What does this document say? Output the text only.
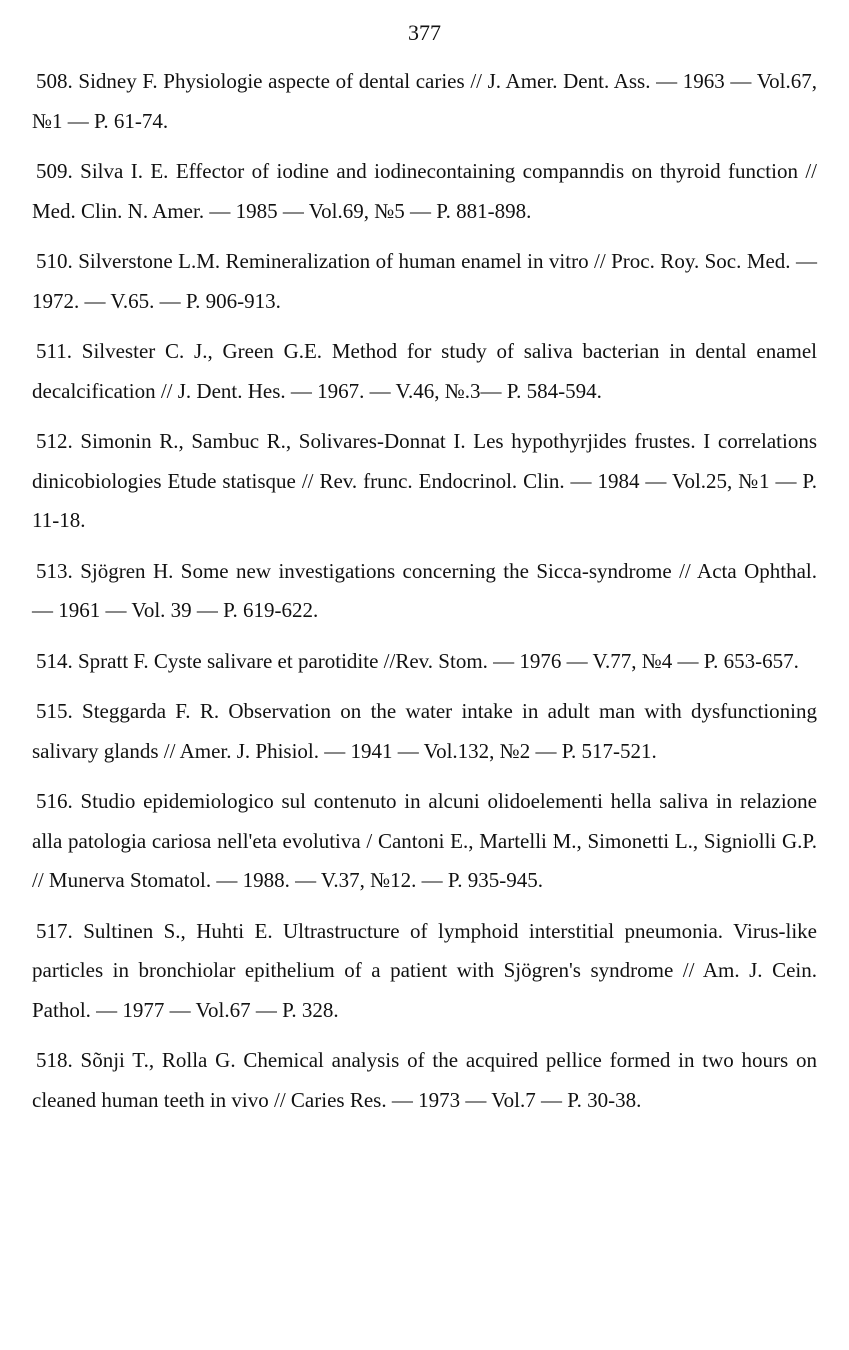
377
508. Sidney F. Physiologie aspecte of dental caries // J. Amer. Dent. Ass. — 1963 — Vol.67, №1 — P. 61-74.
509. Silva I. E. Effector of iodine and iodinecontaining companndis on thyroid function // Med. Clin. N. Amer. — 1985 — Vol.69, №5 — P. 881-898.
510. Silverstone L.M. Remineralization of human enamel in vitro // Proc. Roy. Soc. Med. — 1972. — V.65. — P. 906-913.
511. Silvester C. J., Green G.E. Method for study of saliva bacterian in dental enamel decalcification // J. Dent. Hes. — 1967. — V.46, №.3— P. 584-594.
512. Simonin R., Sambuc R., Solivares-Donnat I. Les hypothyrjides frustes. I correlations dinicobiologies Etude statisque // Rev. frunc. Endocrinol. Clin. — 1984 — Vol.25, №1 — P. 11-18.
513. Sjögren H. Some new investigations concerning the Sicca-syndrome // Acta Ophthal. — 1961 — Vol. 39 — P. 619-622.
514. Spratt F. Cyste salivare et parotidite //Rev. Stom. — 1976 — V.77, №4 — P. 653-657.
515. Steggarda F. R. Observation on the water intake in adult man with dysfunctioning salivary glands // Amer. J. Phisiol. — 1941 — Vol.132, №2 — P. 517-521.
516. Studio epidemiologico sul contenuto in alcuni olidoelementi hella saliva in relazione alla patologia cariosa nell'eta evolutiva / Cantoni E., Martelli M., Simonetti L., Signiolli G.P. // Munerva Stomatol. — 1988. — V.37, №12. — P. 935-945.
517. Sultinen S., Huhti E. Ultrastructure of lymphoid interstitial pneumonia. Virus-like particles in bronchiolar epithelium of a patient with Sjögren's syndrome // Am. J. Cein. Pathol. — 1977 — Vol.67 — P. 328.
518. Sõnji T., Rolla G. Chemical analysis of the acquired pellice formed in two hours on cleaned human teeth in vivo // Caries Res. — 1973 — Vol.7 — P. 30-38.
